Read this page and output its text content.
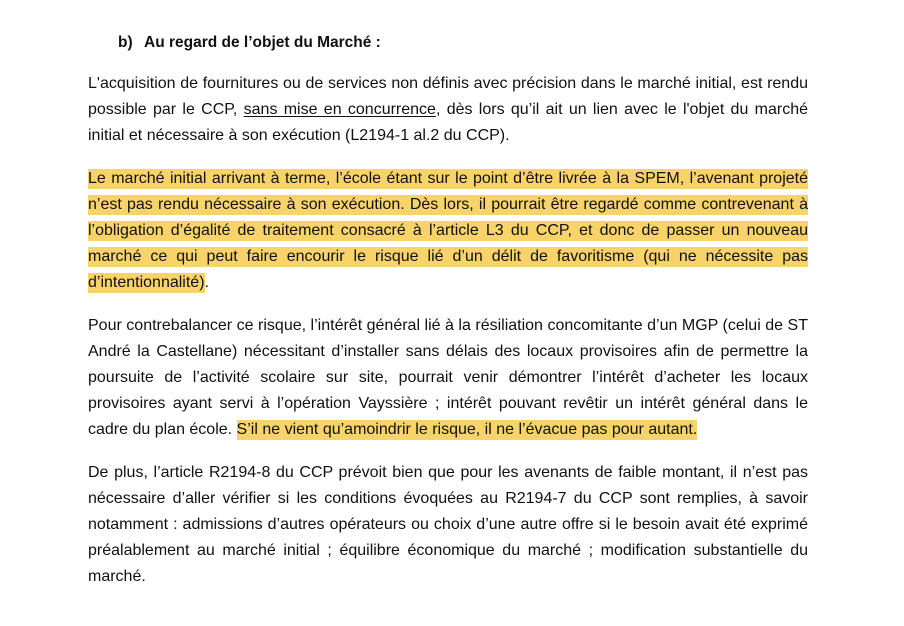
b) Au regard de l’objet du Marché :

L'acquisition de fournitures ou de services non définis avec précision dans le marché initial, est rendu possible par le CCP, sans mise en concurrence, dès lors qu’il ait un lien avec le l'objet du marché initial et nécessaire à son exécution (L2194-1 al.2 du CCP).

Le marché initial arrivant à terme, l’école étant sur le point d’être livrée à la SPEM, l’avenant projeté n’est pas rendu nécessaire à son exécution. Dès lors, il pourrait être regardé comme contrevenant à l’obligation d’égalité de traitement consacré à l’article L3 du CCP, et donc de passer un nouveau marché ce qui peut faire encourir le risque lié d’un délit de favoritisme (qui ne nécessite pas d’intentionnalité).

Pour contrebalancer ce risque, l’intérêt général lié à la résiliation concomitante d’un MGP (celui de ST André la Castellane) nécessitant d’installer sans délais des locaux provisoires afin de permettre la poursuite de l’activité scolaire sur site, pourrait venir démontrer l’intérêt d’acheter les locaux provisoires ayant servi à l’opération Vayssière ; intérêt pouvant revêtir un intérêt général dans le cadre du plan école. S’il ne vient qu’amoindrir le risque, il ne l’évacue pas pour autant.

De plus, l’article R2194-8 du CCP prévoit bien que pour les avenants de faible montant, il n’est pas nécessaire d’aller vérifier si les conditions évoquées au R2194-7 du CCP sont remplies, à savoir notamment : admissions d’autres opérateurs ou choix d’une autre offre si le besoin avait été exprimé préalablement au marché initial ; équilibre économique du marché ; modification substantielle du marché.
